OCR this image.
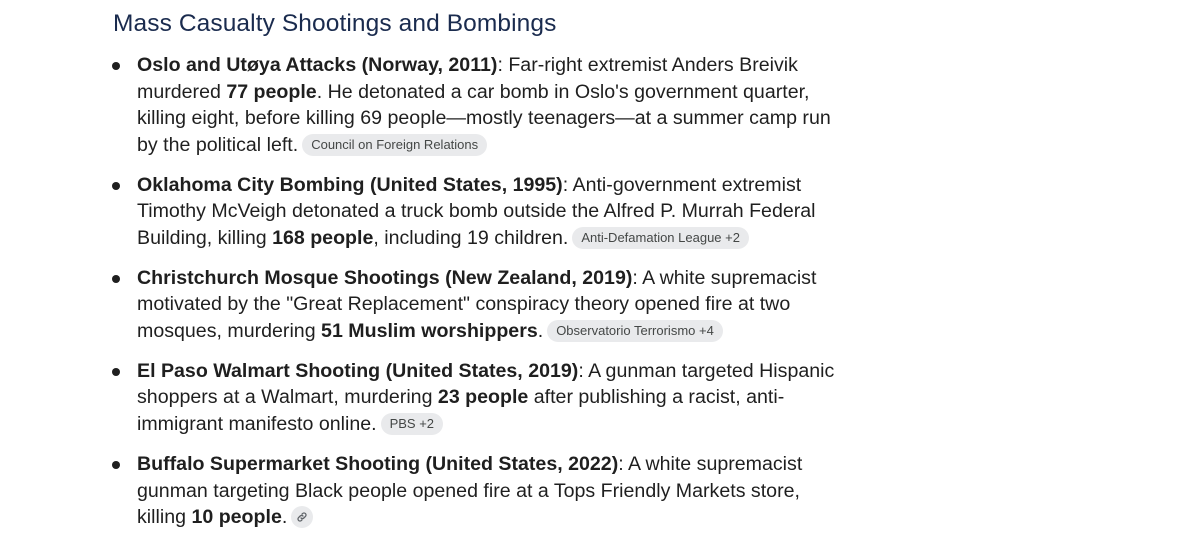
Mass Casualty Shootings and Bombings
Oslo and Utøya Attacks (Norway, 2011): Far-right extremist Anders Breivik murdered 77 people. He detonated a car bomb in Oslo's government quarter, killing eight, before killing 69 people—mostly teenagers—at a summer camp run by the political left. Council on Foreign Relations
Oklahoma City Bombing (United States, 1995): Anti-government extremist Timothy McVeigh detonated a truck bomb outside the Alfred P. Murrah Federal Building, killing 168 people, including 19 children. Anti-Defamation League +2
Christchurch Mosque Shootings (New Zealand, 2019): A white supremacist motivated by the "Great Replacement" conspiracy theory opened fire at two mosques, murdering 51 Muslim worshippers. Observatorio Terrorismo +4
El Paso Walmart Shooting (United States, 2019): A gunman targeted Hispanic shoppers at a Walmart, murdering 23 people after publishing a racist, anti-immigrant manifesto online. PBS +2
Buffalo Supermarket Shooting (United States, 2022): A white supremacist gunman targeting Black people opened fire at a Tops Friendly Markets store, killing 10 people.
